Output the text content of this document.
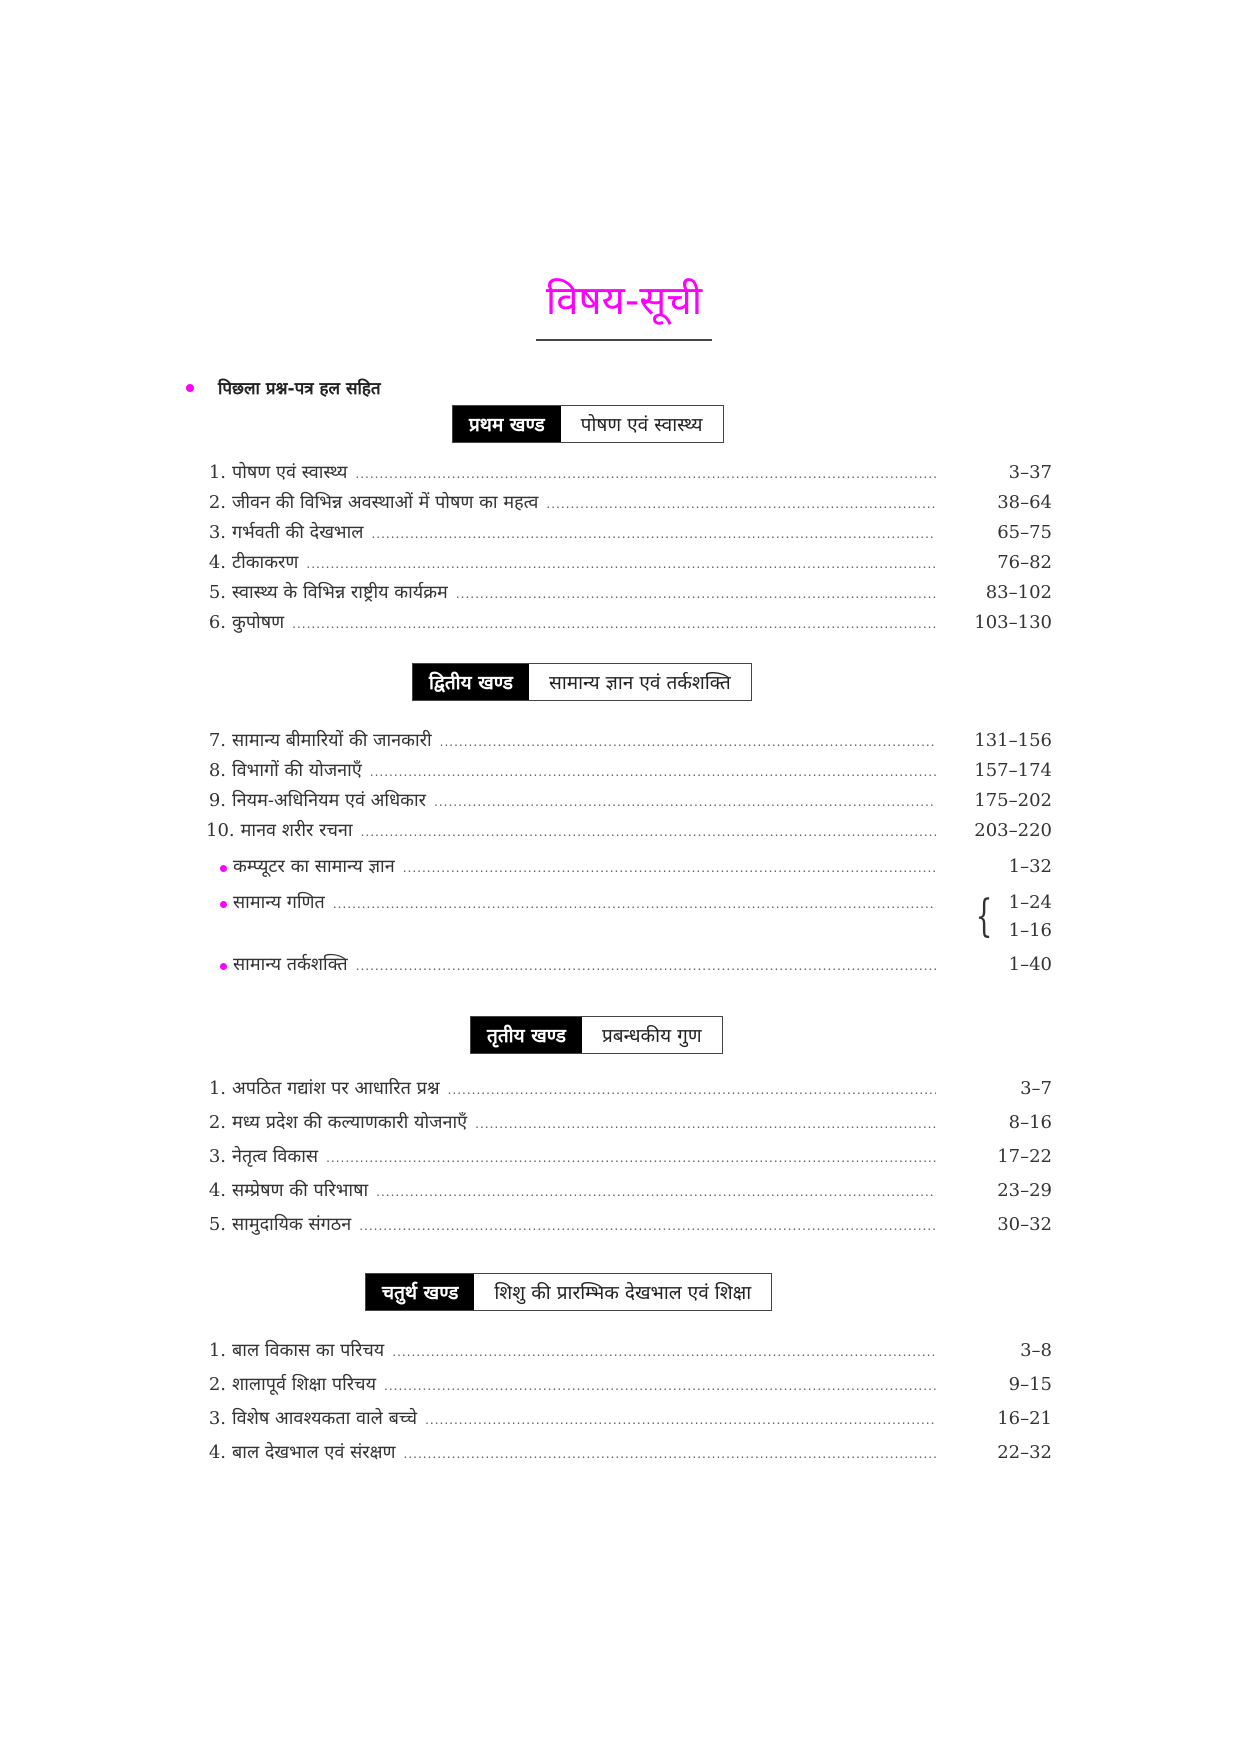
विषय-सूची
पिछला प्रश्न-पत्र हल सहित
प्रथम खण्ड	पोषण एवं स्वास्थ्य
1. पोषण एवं स्वास्थ्य .....	3–37
2. जीवन की विभिन्न अवस्थाओं में पोषण का महत्व .....	38–64
3. गर्भवती की देखभाल .....	65–75
4. टीकाकरण .....	76–82
5. स्वास्थ्य के विभिन्न राष्ट्रीय कार्यक्रम .....	83–102
6. कुपोषण .....	103–130
द्वितीय खण्ड	सामान्य ज्ञान एवं तर्कशक्ति
7. सामान्य बीमारियों की जानकारी .....	131–156
8. विभागों की योजनाएँ .....	157–174
9. नियम-अधिनियम एवं अधिकार .....	175–202
10. मानव शरीर रचना .....	203–220
कम्प्यूटर का सामान्य ज्ञान .....	1–32
सामान्य गणित .....	{ 1–24
1–16
सामान्य तर्कशक्ति .....	1–40
तृतीय खण्ड	प्रबन्धकीय गुण
1. अपठित गद्यांश पर आधारित प्रश्न .....	3–7
2. मध्य प्रदेश की कल्याणकारी योजनाएँ .....	8–16
3. नेतृत्व विकास .....	17–22
4. सम्प्रेषण की परिभाषा .....	23–29
5. सामुदायिक संगठन .....	30–32
चतुर्थ खण्ड	शिशु की प्रारम्भिक देखभाल एवं शिक्षा
1. बाल विकास का परिचय .....	3–8
2. शालापूर्व शिक्षा परिचय .....	9–15
3. विशेष आवश्यकता वाले बच्चे .....	16–21
4. बाल देखभाल एवं संरक्षण .....	22–32
